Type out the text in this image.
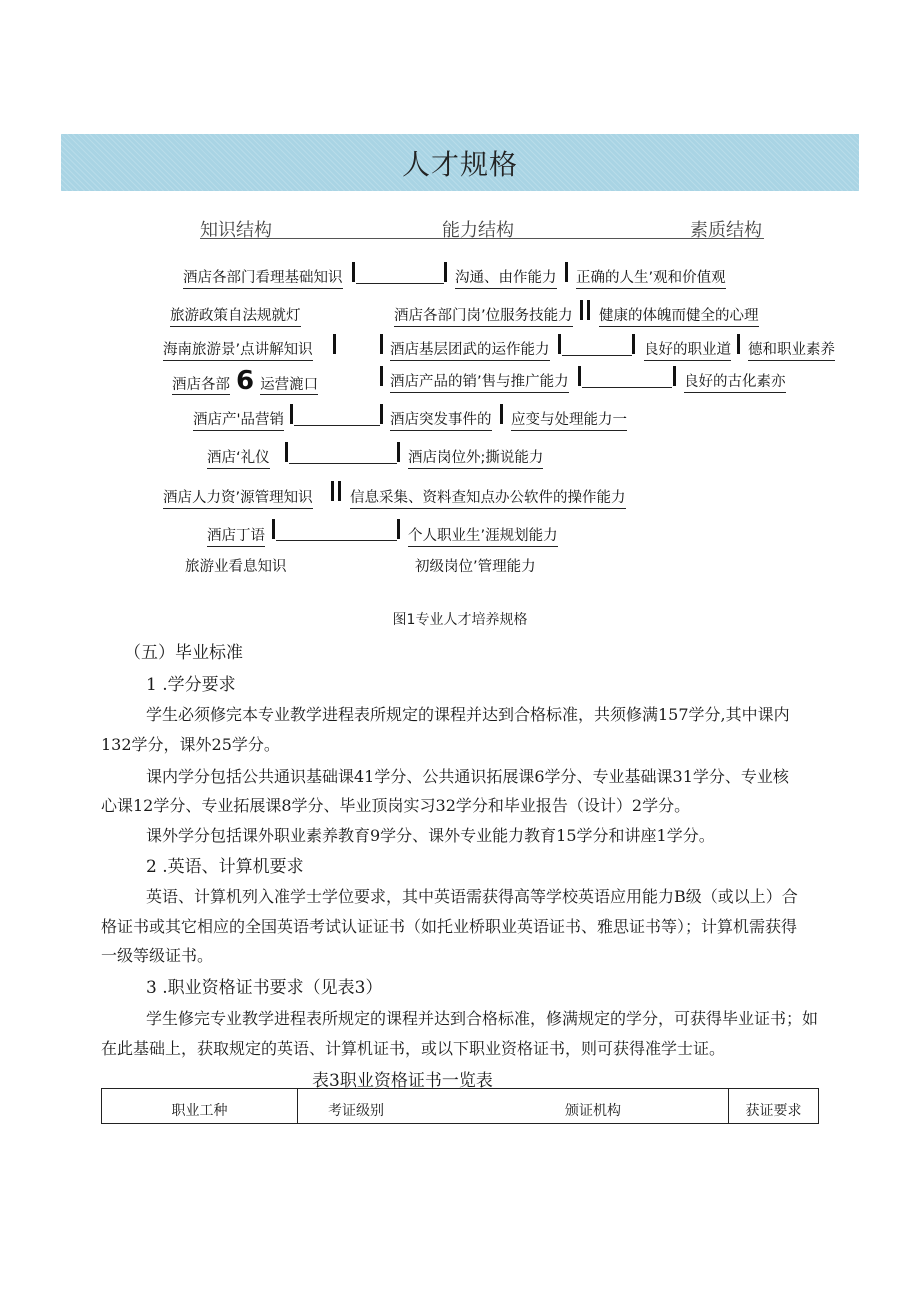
人才规格
知识结构	能力结构	素质结构
酒店各部门看理基础知识	沟通、由作能力 正确的人生’观和价值观
旅游政策自法规就灯	酒店各部门岗’位服务技能力 健康的体魄而健全的心理
海南旅游景’点讲解知识	酒店基层团武的运作能力	良好的职业道 德和职业素养
酒店各部 6 运营漉口	酒店产品的销’售与推广能力	良好的古化素亦
酒店产'品营销	酒店突发事件的 应变与处理能力一
酒店‘礼仪	酒店岗位外;撕说能力
酒店人力资’源管理知识	信息采集、资料查知点办公软件的操作能力
酒店丁语	个人职业生’涯规划能力
旅游业看息知识	初级岗位’管理能力
图1专业人才培养规格
（五）毕业标准
1 .学分要求
学生必须修完本专业教学进程表所规定的课程并达到合格标准，共须修满157学分,其中课内
132学分，课外25学分。
课内学分包括公共通识基础课41学分、公共通识拓展课6学分、专业基础课31学分、专业核
心课12学分、专业拓展课8学分、毕业顶岗实习32学分和毕业报告（设计）2学分。
课外学分包括课外职业素养教育9学分、课外专业能力教育15学分和讲座1学分。
2 .英语、计算机要求
英语、计算机列入准学士学位要求，其中英语需获得高等学校英语应用能力B级（或以上）合
格证书或其它相应的全国英语考试认证证书（如托业桥职业英语证书、雅思证书等）；计算机需获得
一级等级证书。
3 .职业资格证书要求（见表3）
学生修完专业教学进程表所规定的课程并达到合格标准，修满规定的学分，可获得毕业证书；如
在此基础上，获取规定的英语、计算机证书，或以下职业资格证书，则可获得准学士证。
表3职业资格证书一览表
职业工种	考证级别	颁证机构	获证要求
